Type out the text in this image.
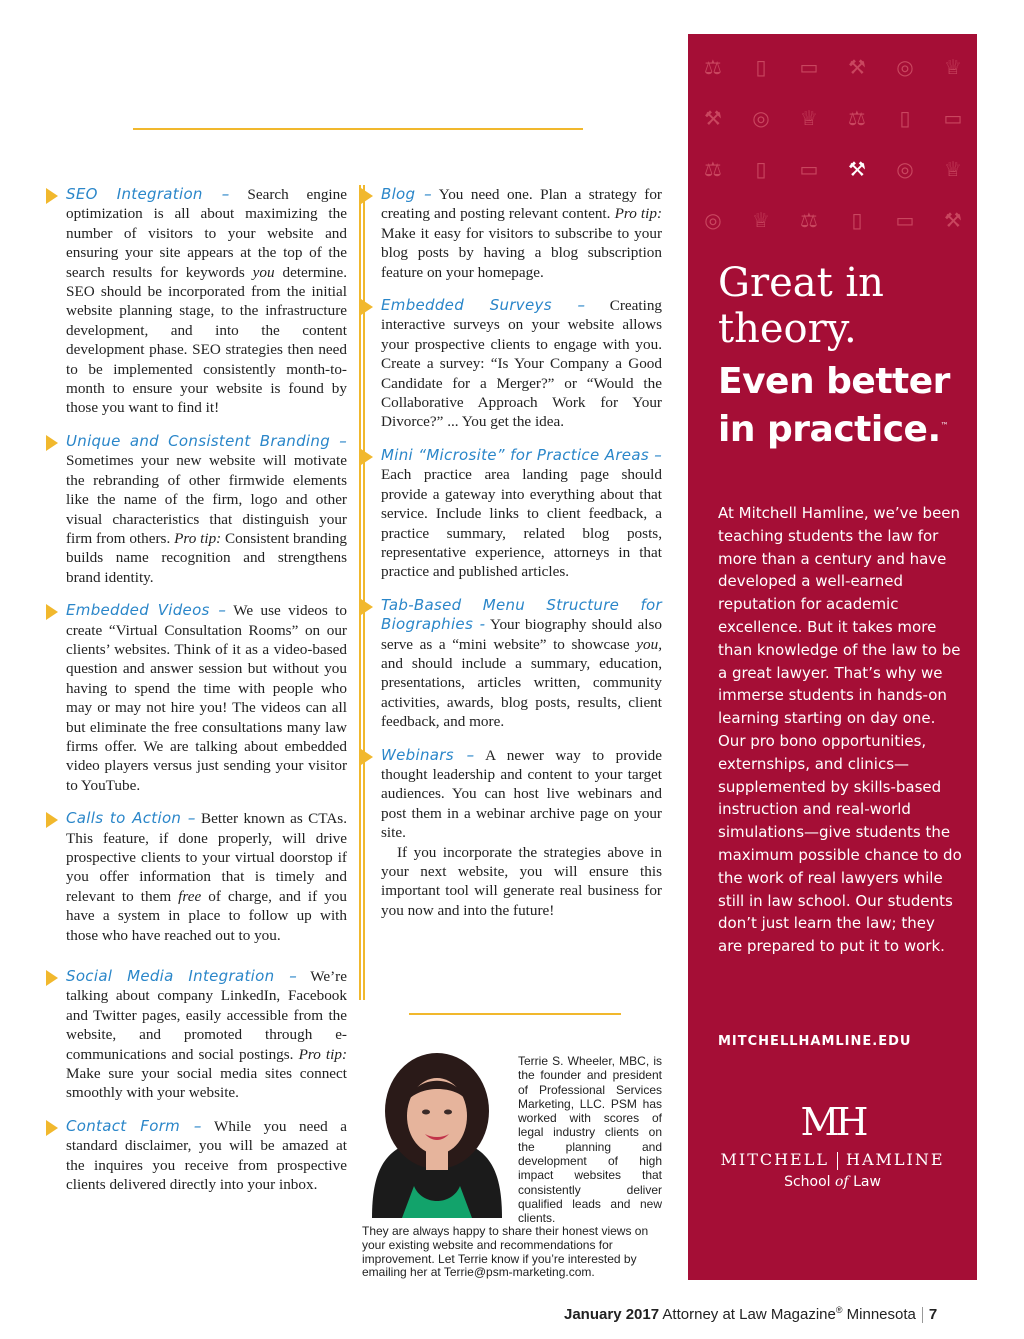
SEO Integration – Search engine optimization is all about maximizing the number of visitors to your website and ensuring your site appears at the top of the search results for keywords you determine. SEO should be incorporated from the initial website planning stage, to the infrastructure development, and into the content development phase. SEO strategies then need to be implemented consistently month-to-month to ensure your website is found by those you want to find it!

Unique and Consistent Branding – Sometimes your new website will motivate the rebranding of other firmwide elements like the name of the firm, logo and other visual characteristics that distinguish your firm from others. Pro tip: Consistent branding builds name recognition and strengthens brand identity.

Embedded Videos – We use videos to create “Virtual Consultation Rooms” on our clients’ websites. Think of it as a video-based question and answer session but without you having to spend the time with people who may or may not hire you! The videos can all but eliminate the free consultations many law firms offer. We are talking about embedded video players versus just sending your visitor to YouTube.

Calls to Action – Better known as CTAs. This feature, if done properly, will drive prospective clients to your virtual doorstop if you offer information that is timely and relevant to them free of charge, and if you have a system in place to follow up with those who have reached out to you.

Social Media Integration – We’re talking about company LinkedIn, Facebook and Twitter pages, easily accessible from the website, and promoted through e-communications and social postings. Pro tip: Make sure your social media sites connect smoothly with your website.

Contact Form – While you need a standard disclaimer, you will be amazed at the inquires you receive from prospective clients delivered directly into your inbox.

Blog – You need one. Plan a strategy for creating and posting relevant content. Pro tip: Make it easy for visitors to subscribe to your blog posts by having a blog subscription feature on your homepage.

Embedded Surveys – Creating interactive surveys on your website allows your prospective clients to engage with you. Create a survey: “Is Your Company a Good Candidate for a Merger?” or “Would the Collaborative Approach Work for Your Divorce?” ... You get the idea.

Mini “Microsite” for Practice Areas – Each practice area landing page should provide a gateway into everything about that service. Include links to client feedback, a practice summary, related blog posts, representative experience, attorneys in that practice and published articles.

Tab-Based Menu Structure for Biographies - Your biography should also serve as a “mini website” to showcase you, and should include a summary, education, presentations, articles written, community activities, awards, blog posts, results, client feedback, and more.

Webinars – A newer way to provide thought leadership and content to your target audiences. You can host live webinars and post them in a webinar archive page on your site.

If you incorporate the strategies above in your next website, you will ensure this important tool will generate real business for you now and into the future!

Terrie S. Wheeler, MBC, is the founder and president of Professional Services Marketing, LLC. PSM has worked with scores of legal industry clients on the planning and development of high impact websites that consistently deliver qualified leads and new clients.
They are always happy to share their honest views on your existing website and recommendations for improvement. Let Terrie know if you’re interested by emailing her at Terrie@psm-marketing.com.
⚖	▯	▭ ⚒ ◎ ♕
⚒ ◎ ♕ ⚖	▯	▭
⚖	▯	▭ ⚒ ◎ ♕
◎ ♕ ⚖	▯	▭ ⚒
Great in theory.
Even better in practice.™
At Mitchell Hamline, we’ve been teaching students the law for more than a century and have developed a well-earned reputation for academic excellence. But it takes more than knowledge of the law to be a great lawyer. That’s why we immerse students in hands-on learning starting on day one. Our pro bono opportunities, externships, and clinics—supplemented by skills-based instruction and real-world simulations—give students the maximum possible chance to do the work of real lawyers while still in law school. Our students don’t just learn the law; they are prepared to put it to work.
MITCHELLHAMLINE.EDU
MH
MITCHELL HAMLINE
School of Law
January 2017 Attorney at Law Magazine® Minnesota 7
